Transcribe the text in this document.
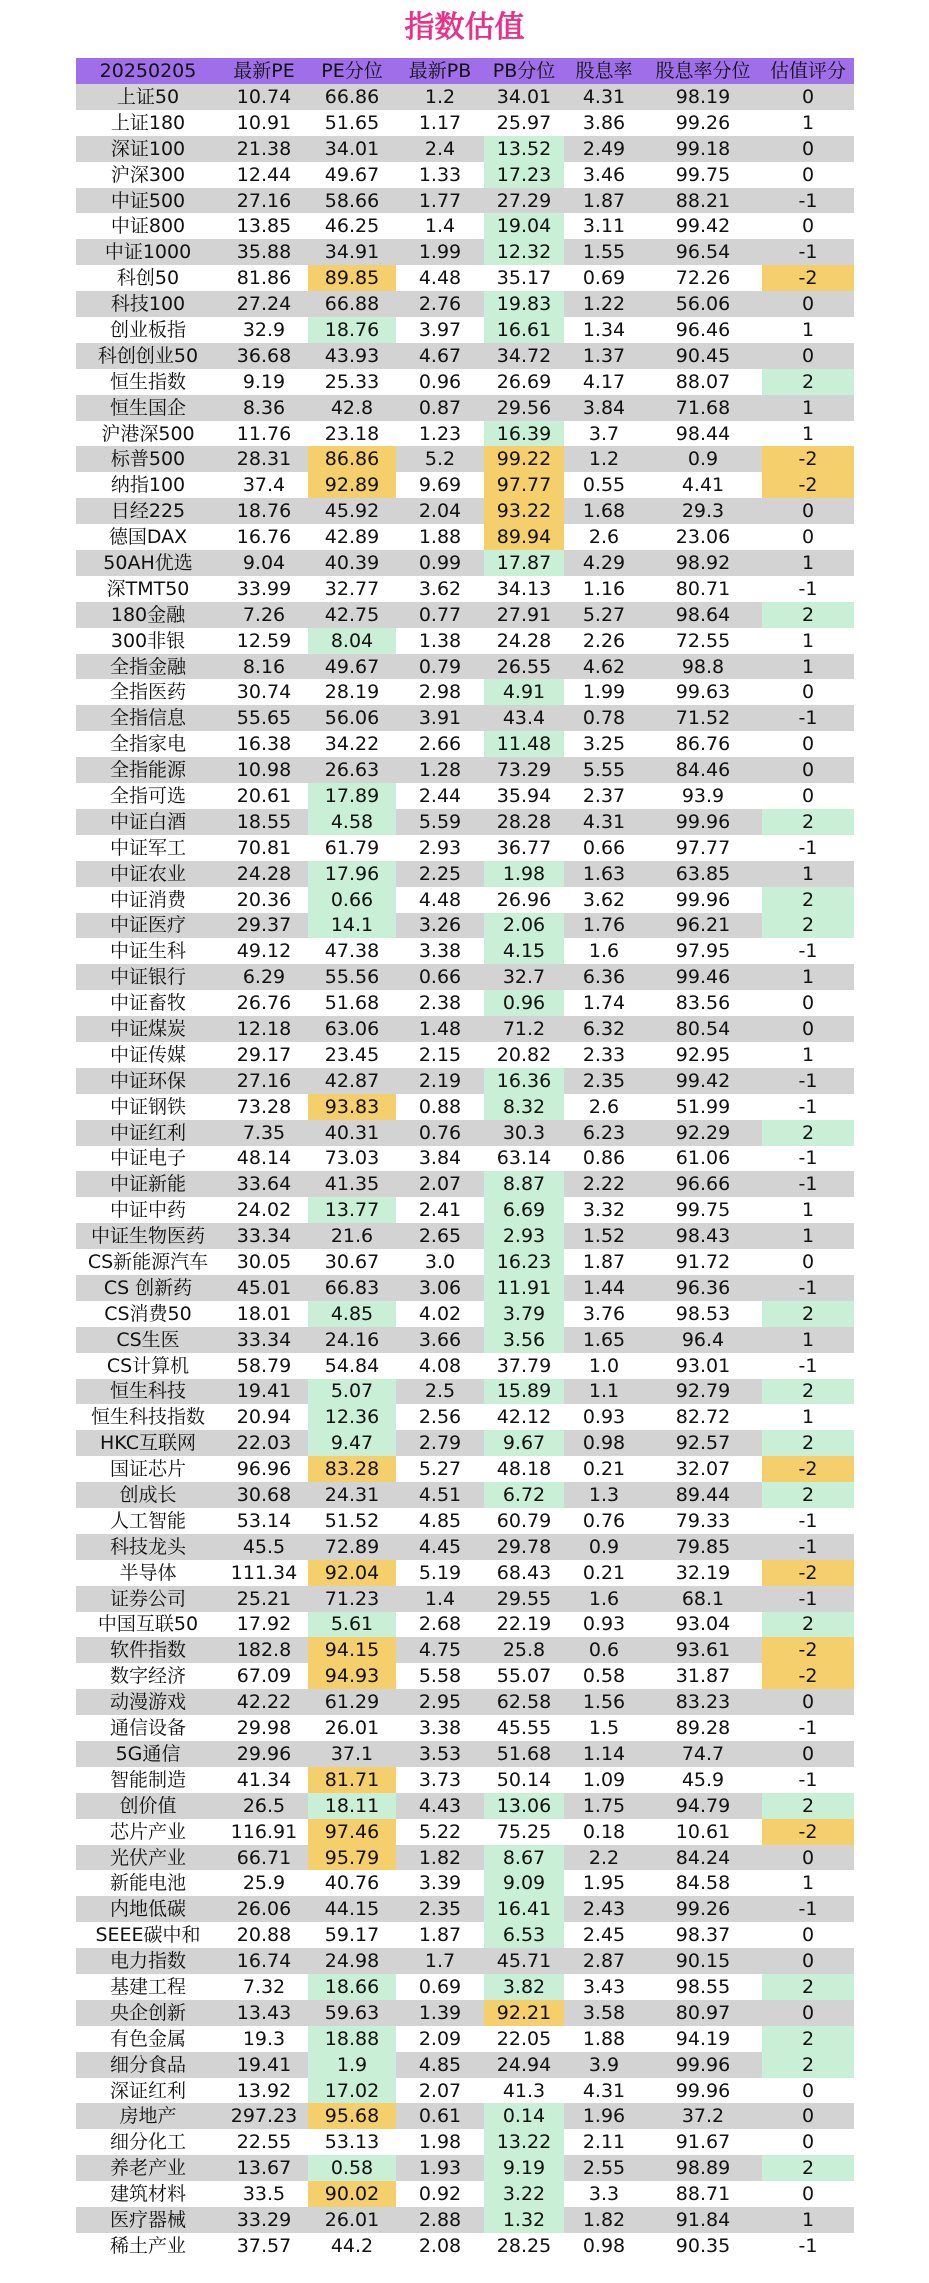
指数估值
20250205	最新PE	PE分位	最新PB	PB分位	股息率	股息率分位	估值评分
上证50	10.74	66.86	1.2	34.01	4.31	98.19	0
上证180	10.91	51.65	1.17	25.97	3.86	99.26	1
深证100	21.38	34.01	2.4	13.52	2.49	99.18	0
沪深300	12.44	49.67	1.33	17.23	3.46	99.75	0
中证500	27.16	58.66	1.77	27.29	1.87	88.21	-1
中证800	13.85	46.25	1.4	19.04	3.11	99.42	0
中证1000	35.88	34.91	1.99	12.32	1.55	96.54	-1
科创50	81.86	89.85	4.48	35.17	0.69	72.26	-2
科技100	27.24	66.88	2.76	19.83	1.22	56.06	0
创业板指	32.9	18.76	3.97	16.61	1.34	96.46	1
科创创业50	36.68	43.93	4.67	34.72	1.37	90.45	0
恒生指数	9.19	25.33	0.96	26.69	4.17	88.07	2
恒生国企	8.36	42.8	0.87	29.56	3.84	71.68	1
沪港深500	11.76	23.18	1.23	16.39	3.7	98.44	1
标普500	28.31	86.86	5.2	99.22	1.2	0.9	-2
纳指100	37.4	92.89	9.69	97.77	0.55	4.41	-2
日经225	18.76	45.92	2.04	93.22	1.68	29.3	0
德国DAX	16.76	42.89	1.88	89.94	2.6	23.06	0
50AH优选	9.04	40.39	0.99	17.87	4.29	98.92	1
深TMT50	33.99	32.77	3.62	34.13	1.16	80.71	-1
180金融	7.26	42.75	0.77	27.91	5.27	98.64	2
300非银	12.59	8.04	1.38	24.28	2.26	72.55	1
全指金融	8.16	49.67	0.79	26.55	4.62	98.8	1
全指医药	30.74	28.19	2.98	4.91	1.99	99.63	0
全指信息	55.65	56.06	3.91	43.4	0.78	71.52	-1
全指家电	16.38	34.22	2.66	11.48	3.25	86.76	0
全指能源	10.98	26.63	1.28	73.29	5.55	84.46	0
全指可选	20.61	17.89	2.44	35.94	2.37	93.9	0
中证白酒	18.55	4.58	5.59	28.28	4.31	99.96	2
中证军工	70.81	61.79	2.93	36.77	0.66	97.77	-1
中证农业	24.28	17.96	2.25	1.98	1.63	63.85	1
中证消费	20.36	0.66	4.48	26.96	3.62	99.96	2
中证医疗	29.37	14.1	3.26	2.06	1.76	96.21	2
中证生科	49.12	47.38	3.38	4.15	1.6	97.95	-1
中证银行	6.29	55.56	0.66	32.7	6.36	99.46	1
中证畜牧	26.76	51.68	2.38	0.96	1.74	83.56	0
中证煤炭	12.18	63.06	1.48	71.2	6.32	80.54	0
中证传媒	29.17	23.45	2.15	20.82	2.33	92.95	1
中证环保	27.16	42.87	2.19	16.36	2.35	99.42	-1
中证钢铁	73.28	93.83	0.88	8.32	2.6	51.99	-1
中证红利	7.35	40.31	0.76	30.3	6.23	92.29	2
中证电子	48.14	73.03	3.84	63.14	0.86	61.06	-1
中证新能	33.64	41.35	2.07	8.87	2.22	96.66	-1
中证中药	24.02	13.77	2.41	6.69	3.32	99.75	1
中证生物医药	33.34	21.6	2.65	2.93	1.52	98.43	1
CS新能源汽车	30.05	30.67	3.0	16.23	1.87	91.72	0
CS 创新药	45.01	66.83	3.06	11.91	1.44	96.36	-1
CS消费50	18.01	4.85	4.02	3.79	3.76	98.53	2
CS生医	33.34	24.16	3.66	3.56	1.65	96.4	1
CS计算机	58.79	54.84	4.08	37.79	1.0	93.01	-1
恒生科技	19.41	5.07	2.5	15.89	1.1	92.79	2
恒生科技指数	20.94	12.36	2.56	42.12	0.93	82.72	1
HKC互联网	22.03	9.47	2.79	9.67	0.98	92.57	2
国证芯片	96.96	83.28	5.27	48.18	0.21	32.07	-2
创成长	30.68	24.31	4.51	6.72	1.3	89.44	2
人工智能	53.14	51.52	4.85	60.79	0.76	79.33	-1
科技龙头	45.5	72.89	4.45	29.78	0.9	79.85	-1
半导体	111.34	92.04	5.19	68.43	0.21	32.19	-2
证券公司	25.21	71.23	1.4	29.55	1.6	68.1	-1
中国互联50	17.92	5.61	2.68	22.19	0.93	93.04	2
软件指数	182.8	94.15	4.75	25.8	0.6	93.61	-2
数字经济	67.09	94.93	5.58	55.07	0.58	31.87	-2
动漫游戏	42.22	61.29	2.95	62.58	1.56	83.23	0
通信设备	29.98	26.01	3.38	45.55	1.5	89.28	-1
5G通信	29.96	37.1	3.53	51.68	1.14	74.7	0
智能制造	41.34	81.71	3.73	50.14	1.09	45.9	-1
创价值	26.5	18.11	4.43	13.06	1.75	94.79	2
芯片产业	116.91	97.46	5.22	75.25	0.18	10.61	-2
光伏产业	66.71	95.79	1.82	8.67	2.2	84.24	0
新能电池	25.9	40.76	3.39	9.09	1.95	84.58	1
内地低碳	26.06	44.15	2.35	16.41	2.43	99.26	-1
SEEE碳中和	20.88	59.17	1.87	6.53	2.45	98.37	0
电力指数	16.74	24.98	1.7	45.71	2.87	90.15	0
基建工程	7.32	18.66	0.69	3.82	3.43	98.55	2
央企创新	13.43	59.63	1.39	92.21	3.58	80.97	0
有色金属	19.3	18.88	2.09	22.05	1.88	94.19	2
细分食品	19.41	1.9	4.85	24.94	3.9	99.96	2
深证红利	13.92	17.02	2.07	41.3	4.31	99.96	0
房地产	297.23	95.68	0.61	0.14	1.96	37.2	0
细分化工	22.55	53.13	1.98	13.22	2.11	91.67	0
养老产业	13.67	0.58	1.93	9.19	2.55	98.89	2
建筑材料	33.5	90.02	0.92	3.22	3.3	88.71	0
医疗器械	33.29	26.01	2.88	1.32	1.82	91.84	1
稀土产业	37.57	44.2	2.08	28.25	0.98	90.35	-1
